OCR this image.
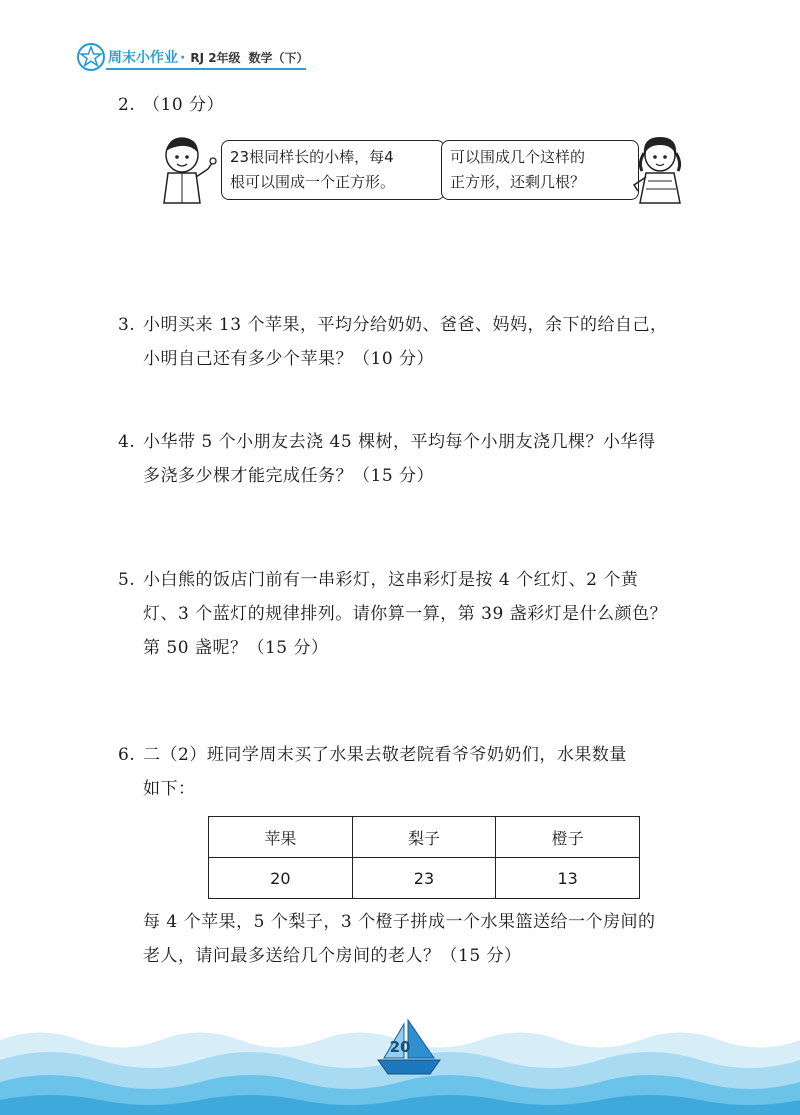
周末小作业 · RJ 2年级 数学（下）
2. （10 分）
23根同样长的小棒，每4
根可以围成一个正方形。
可以围成几个这样的
正方形，还剩几根？
3. 小明买来 13 个苹果，平均分给奶奶、爸爸、妈妈，余下的给自己，
小明自己还有多少个苹果？（10 分）
4. 小华带 5 个小朋友去浇 45 棵树，平均每个小朋友浇几棵？小华得
多浇多少棵才能完成任务？（15 分）
5. 小白熊的饭店门前有一串彩灯，这串彩灯是按 4 个红灯、2 个黄
灯、3 个蓝灯的规律排列。请你算一算，第 39 盏彩灯是什么颜色？
第 50 盏呢？（15 分）
6. 二（2）班同学周末买了水果去敬老院看爷爷奶奶们，水果数量
如下：
苹果	梨子	橙子
20	23	13
每 4 个苹果，5 个梨子，3 个橙子拼成一个水果篮送给一个房间的
老人，请问最多送给几个房间的老人？（15 分）
20
